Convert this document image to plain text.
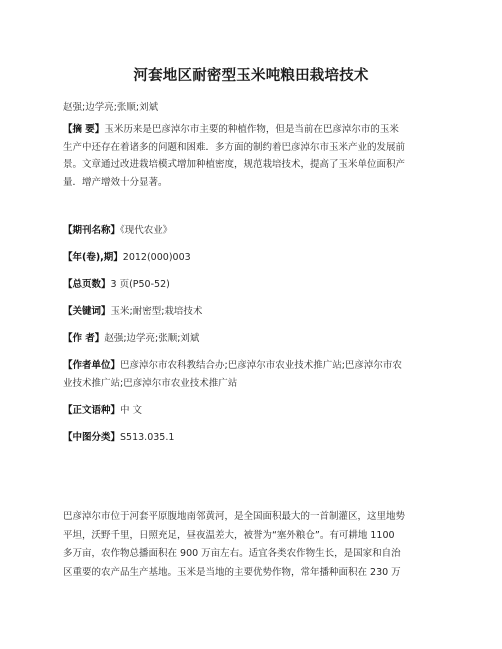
河套地区耐密型玉米吨粮田栽培技术
赵强;边学亮;张顺;刘斌
【摘 要】玉米历来是巴彦淖尔市主要的种植作物，但是当前在巴彦淖尔市的玉米
生产中还存在着诸多的问题和困难．多方面的制约着巴彦淖尔市玉米产业的发展前
景。文章通过改进栽培模式增加种植密度，规范栽培技术，提高了玉米单位面积产
量．增产增效十分显著。
【期刊名称】《现代农业》
【年(卷),期】2012(000)003
【总页数】3 页(P50-52)
【关键词】玉米;耐密型;栽培技术
【作 者】赵强;边学亮;张顺;刘斌
【作者单位】巴彦淖尔市农科教结合办;巴彦淖尔市农业技术推广站;巴彦淖尔市农
业技术推广站;巴彦淖尔市农业技术推广站
【正文语种】中 文
【中图分类】S513.035.1
巴彦淖尔市位于河套平原腹地南邻黄河，是全国面积最大的一首制灌区，这里地势
平坦，沃野千里，日照充足，昼夜温差大，被誉为“塞外粮仓”。有可耕地 1100
多万亩，农作物总播面积在 900 万亩左右。适宜各类农作物生长，是国家和自治
区重要的农产品生产基地。玉米是当地的主要优势作物，常年播种面积在 230 万
